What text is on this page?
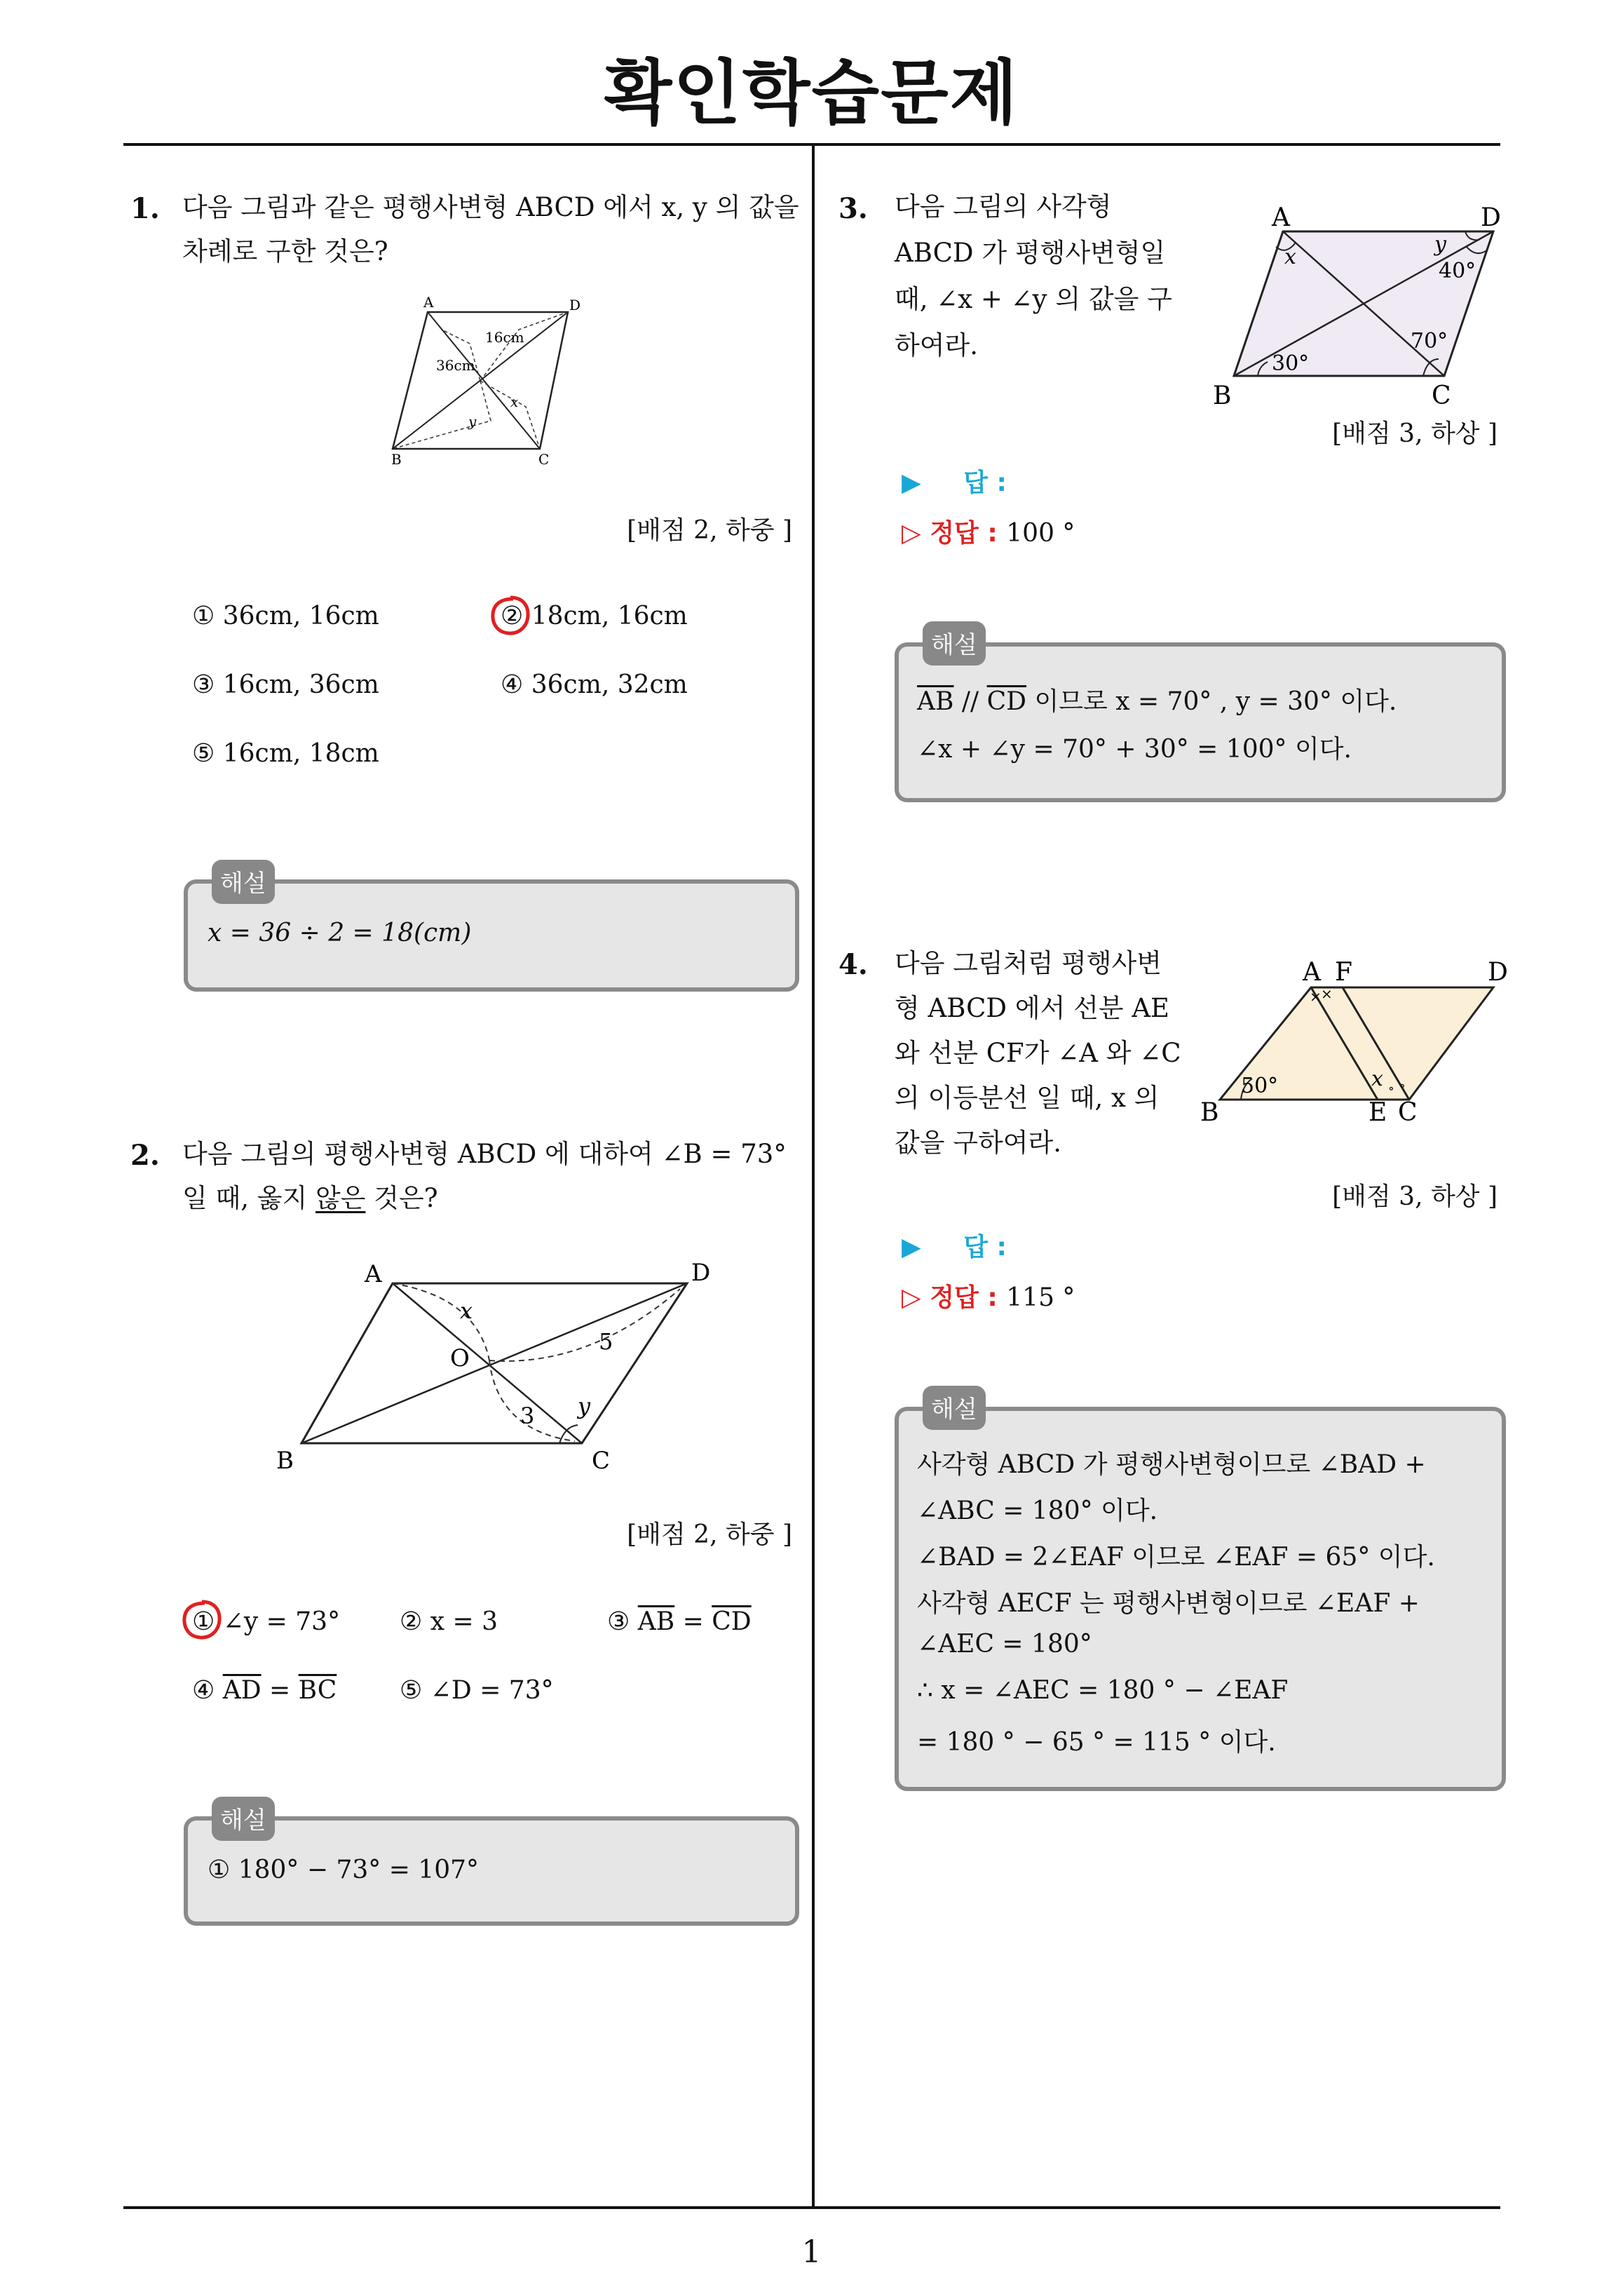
확인학습문제
1
1. 다음 그림과 같은 평행사변형 ABCD 에서 x, y 의 값을

차례로 구한 것은?

A	D
B	C
16cm
36cm
x
y
[배점 2, 하중 ]
① 36cm, 16cm	② 18cm, 16cm
③ 16cm, 36cm	④ 36cm, 32cm
⑤ 16cm, 18cm
해설
x = 36 ÷ 2 = 18(cm)
2. 다음 그림의 평행사변형 ABCD 에 대하여 ∠B = 73°

일 때, 옳지 않은 것은?

A	D
B	C
O
x
5
3 y
[배점 2, 하중 ]
① ∠y = 73° ② x = 3	③ $\overline{AB} = \overline{CD}$
④ $\overline{AD} = \overline{BC}$ ⑤ ∠D = 73°
해설
① 180° − 73° = 107°
3. 다음 그림의 사각형

ABCD 가 평행사변형일

때, ∠x + ∠y 의 값을 구

하여라.

A	D
B	C
x
y
40°
70°
30°
[배점 3, 하상 ]
▶ 답 :
▷ 정답 : 100 °
해설
$\overline{AB} // \overline{CD}$ 이므로 x = 70° , y = 30° 이다.
∠x + ∠y = 70° + 30° = 100° 이다.
4. 다음 그림처럼 평행사변

형 ABCD 에서 선분 AE

와 선분 CF가 ∠A 와 ∠C

의 이등분선 일 때, x 의

값을 구하여라.

× ×
∘ ∘
A F	D
B	E C
50°	x
[배점 3, 하상 ]
▶ 답 :
▷ 정답 : 115 °
해설
사각형 ABCD 가 평행사변형이므로 ∠BAD +
∠ABC = 180° 이다.
∠BAD = 2∠EAF 이므로 ∠EAF = 65° 이다.
사각형 AECF 는 평행사변형이므로 ∠EAF +
∠AEC = 180°
∴ x = ∠AEC = 180 ° − ∠EAF
= 180 ° − 65 ° = 115 ° 이다.
